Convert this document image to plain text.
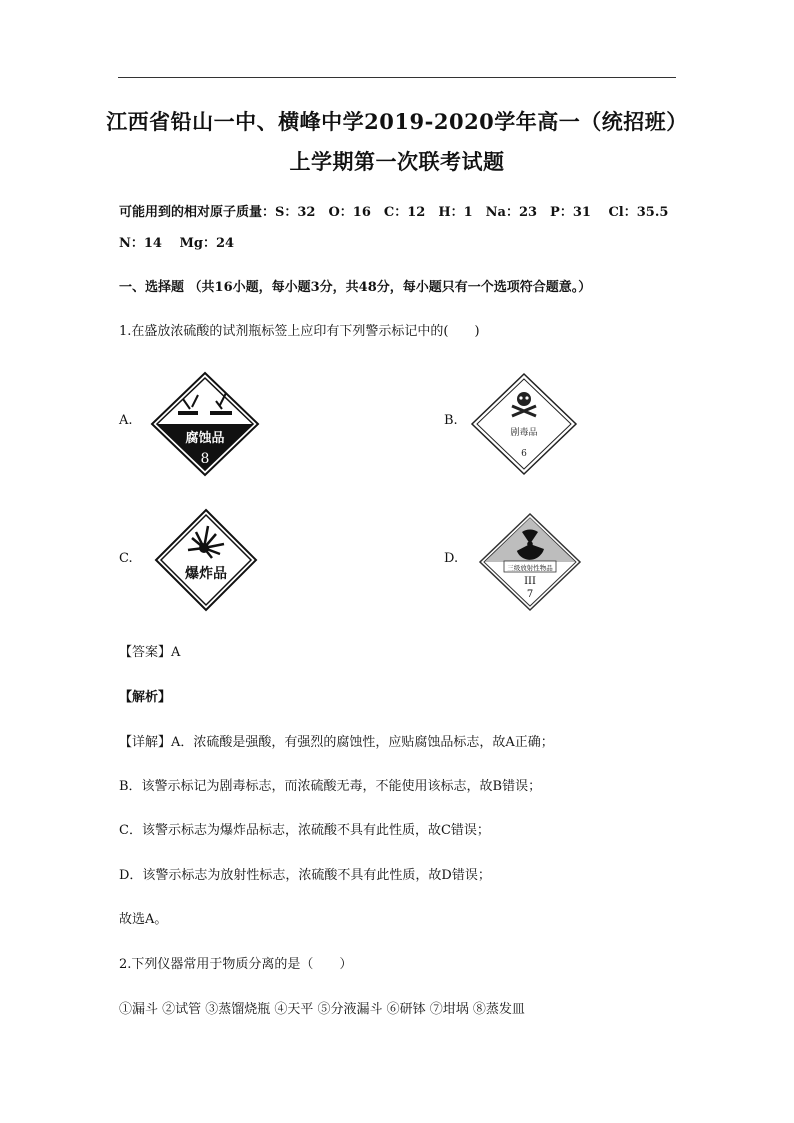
江西省铅山一中、横峰中学2019-2020学年高一（统招班）
上学期第一次联考试题
可能用到的相对原子质量：S：32　O：16　C：12　H：1　Na：23　P：31　 Cl：35.5
N：14　 Mg：24
一、选择题 （共16小题，每小题3分，共48分，每小题只有一个选项符合题意。）
1.在盛放浓硫酸的试剂瓶标签上应印有下列警示标记中的(　　)
A.
腐蚀品
8
B.
剧毒品
6
C.
爆炸品
D.
三级放射性物品
III
7
【答案】A
【解析】
【详解】A．浓硫酸是强酸，有强烈的腐蚀性，应贴腐蚀品标志，故A正确；
B．该警示标记为剧毒标志，而浓硫酸无毒，不能使用该标志，故B错误；
C．该警示标志为爆炸品标志，浓硫酸不具有此性质，故C错误；
D．该警示标志为放射性标志，浓硫酸不具有此性质，故D错误；
故选A。
2.下列仪器常用于物质分离的是（　　）
①漏斗 ②试管 ③蒸馏烧瓶 ④天平 ⑤分液漏斗 ⑥研钵 ⑦坩埚 ⑧蒸发皿
